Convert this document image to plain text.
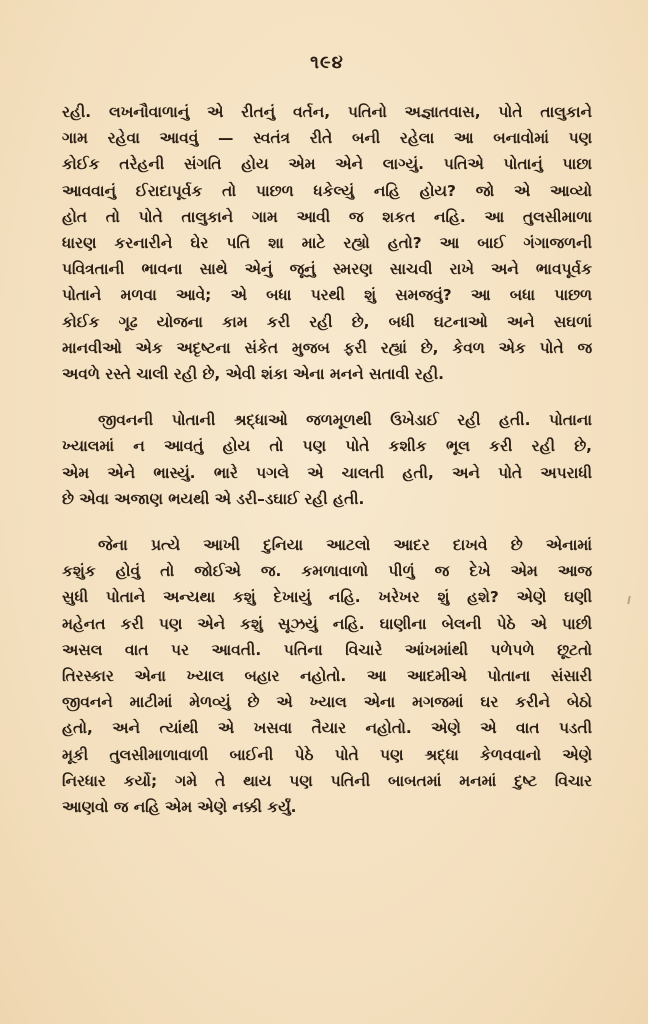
૧૯૪
રહી. લખનૌવાળાનું એ રીતનું વર્તન, પતિનો અજ્ઞાતવાસ, પોતે તાલુકાને
ગામ રહેવા આવવું — સ્વતંત્ર રીતે બની રહેલા આ બનાવોમાં પણ
કોઈક તરેહની સંગતિ હોય એમ એને લાગ્યું. પતિએ પોતાનું પાછા
આવવાનું ઈરાદાપૂર્વક તો પાછળ ધકેલ્યું નહિ હોય? જો એ આવ્યો
હોત તો પોતે તાલુકાને ગામ આવી જ શકત નહિ. આ તુલસીમાળા
ધારણ કરનારીને ઘેર પતિ શા માટે રહ્યો હતો? આ બાઈ ગંગાજળની
પવિત્રતાની ભાવના સાથે એનું જૂનું સ્મરણ સાચવી રાખે અને ભાવપૂર્વક
પોતાને મળવા આવે; એ બધા પરથી શું સમજવું? આ બધા પાછળ
કોઈક ગૂઢ યોજના કામ કરી રહી છે, બધી ઘટનાઓ અને સઘળાં
માનવીઓ એક અદૃષ્ટના સંકેત મુજબ ફરી રહ્યાં છે, કેવળ એક પોતે જ
અવળે રસ્તે ચાલી રહી છે, એવી શંકા એના મનને સતાવી રહી.
જીવનની પોતાની શ્રદ્ધાઓ જળમૂળથી ઉખેડાઈ રહી હતી. પોતાના
ખ્યાલમાં ન આવતું હોય તો પણ પોતે કશીક ભૂલ કરી રહી છે,
એમ એને ભાસ્યું. ભારે પગલે એ ચાલતી હતી, અને પોતે અપરાધી
છે એવા અજાણ ભયથી એ ડરી–ડઘાઈ રહી હતી.
જેના પ્રત્યે આખી દુનિયા આટલો આદર દાખવે છે એનામાં
કશુંક હોવું તો જોઈએ જ. કમળાવાળો પીળું જ દેખે એમ આજ
સુધી પોતાને અન્યથા કશું દેખાયું નહિ. ખરેખર શું હશે? એણે ઘણી
મહેનત કરી પણ એને કશું સૂઝયું નહિ. ઘાણીના બેલની પેઠે એ પાછી
અસલ વાત પર આવતી. પતિના વિચારે આંખમાંથી પળેપળે છૂટતો
તિરસ્કાર એના ખ્યાલ બહાર નહોતો. આ આદમીએ પોતાના સંસારી
જીવનને માટીમાં મેળવ્યું છે એ ખ્યાલ એના મગજમાં ઘર કરીને બેઠો
હતો, અને ત્યાંથી એ ખસવા તૈયાર નહોતો. એણે એ વાત પડતી
મૂકી તુલસીમાળાવાળી બાઈની પેઠે પોતે પણ શ્રદ્ધા કેળવવાનો એણે
નિરધાર કર્યો; ગમે તે થાય પણ પતિની બાબતમાં મનમાં દુષ્ટ વિચાર
આણવો જ નહિ એમ એણે નક્કી કર્યું.
